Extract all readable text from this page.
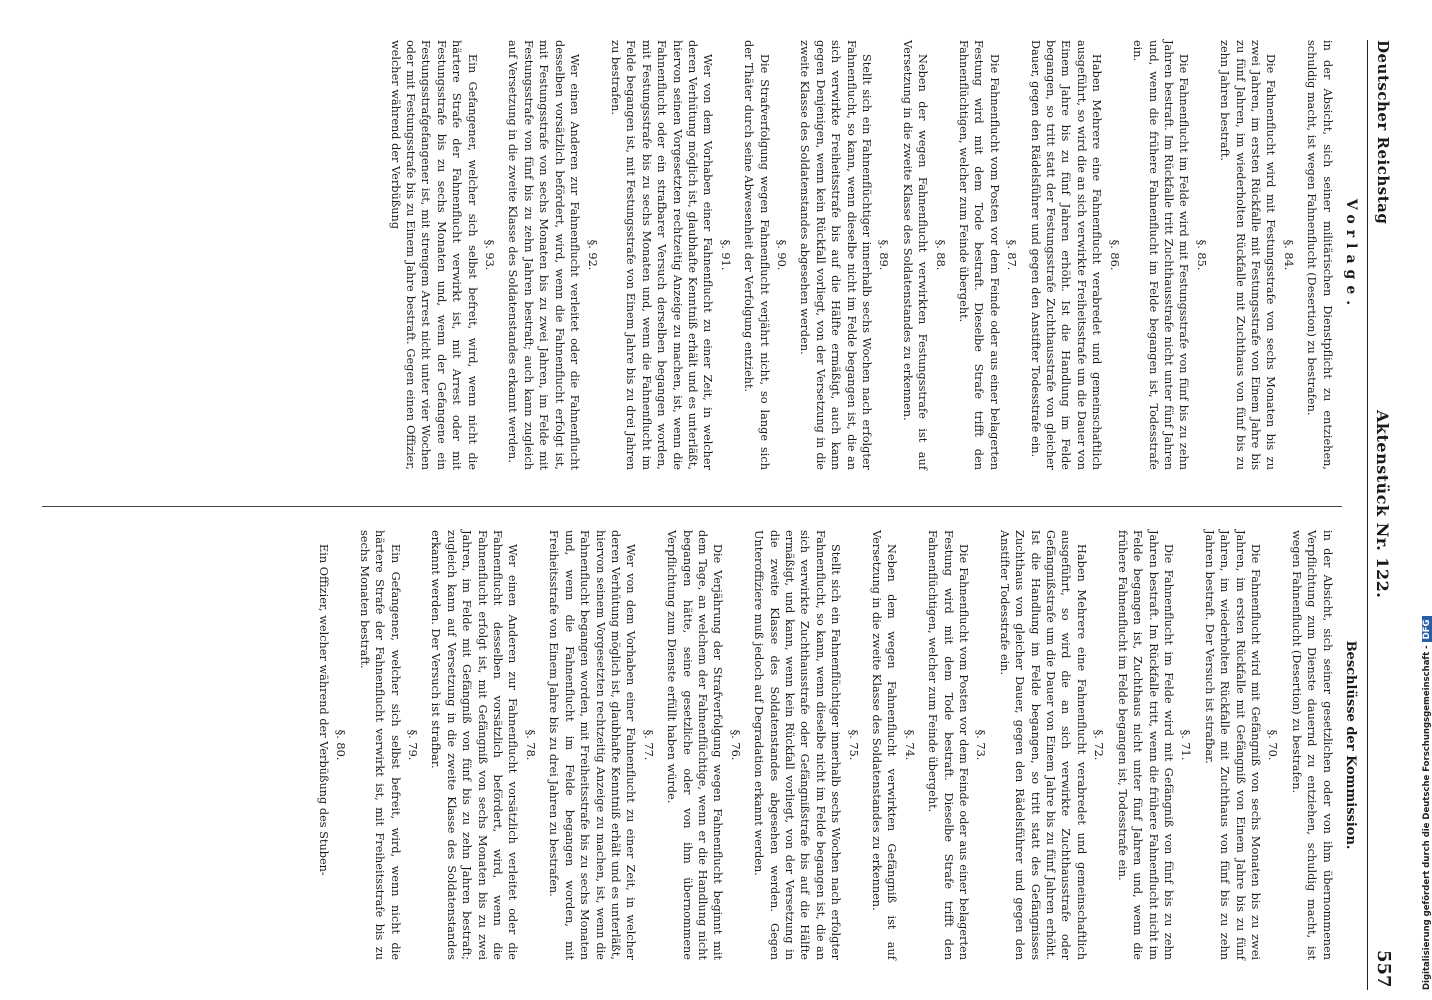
Deutscher Reichstag
Aktenstück Nr. 122.
557
Vorlage.

in der Absicht, sich seiner militärischen Dienstpflicht zu entziehen, schuldig macht, ist wegen Fahnenflucht (Desertion) zu bestrafen.

§. 84.

Die Fahnenflucht wird mit Festungsstrafe von sechs Monaten bis zu zwei Jahren, im ersten Rückfalle mit Festungsstrafe von Einem Jahre bis zu fünf Jahren, im wiederholten Rückfalle mit Zuchthaus von fünf bis zu zehn Jahren bestraft.

§. 85.

Die Fahnenflucht im Felde wird mit Festungsstrafe von fünf bis zu zehn Jahren bestraft. Im Rückfalle tritt Zuchthausstrafe nicht unter fünf Jahren und, wenn die frühere Fahnenflucht im Felde begangen ist, Todesstrafe ein.

§. 86.

Haben Mehrere eine Fahnenflucht verabredet und gemeinschaftlich ausgeführt, so wird die an sich verwirkte Freiheitsstrafe um die Dauer von Einem Jahre bis zu fünf Jahren erhöht. Ist die Handlung im Felde begangen, so tritt statt der Festungsstrafe Zuchthausstrafe von gleicher Dauer, gegen den Rädelsführer und gegen den Anstifter Todesstrafe ein.

§. 87.

Die Fahnenflucht vom Posten vor dem Feinde oder aus einer belagerten Festung wird mit dem Tode bestraft. Dieselbe Strafe trifft den Fahnenflüchtigen, welcher zum Feinde übergeht.

§. 88.

Neben der wegen Fahnenflucht verwirkten Festungsstrafe ist auf Versetzung in die zweite Klasse des Soldatenstandes zu erkennen.

§. 89.

Stellt sich ein Fahnenflüchtiger innerhalb sechs Wochen nach erfolgter Fahnenflucht, so kann, wenn dieselbe nicht im Felde begangen ist, die an sich verwirkte Freiheitsstrafe bis auf die Hälfte ermäßigt, auch kann gegen Denjenigen, wenn kein Rückfall vorliegt, von der Versetzung in die zweite Klasse des Soldatenstandes abgesehen werden.

§. 90.

Die Strafverfolgung wegen Fahnenflucht verjährt nicht, so lange sich der Thäter durch seine Abwesenheit der Verfolgung entzieht.

§. 91.

Wer von dem Vorhaben einer Fahnenflucht zu einer Zeit, in welcher deren Verhütung möglich ist, glaubhafte Kenntniß erhält und es unterläßt, hiervon seinen Vorgesetzten rechtzeitig Anzeige zu machen, ist, wenn die Fahnenflucht oder ein strafbarer Versuch derselben begangen worden, mit Festungsstrafe bis zu sechs Monaten und, wenn die Fahnenflucht im Felde begangen ist, mit Festungsstrafe von Einem Jahre bis zu drei Jahren zu bestrafen.

§. 92.

Wer einen Anderen zur Fahnenflucht verleitet oder die Fahnenflucht desselben vorsätzlich befördert, wird, wenn die Fahnenflucht erfolgt ist, mit Festungsstrafe von sechs Monaten bis zu zwei Jahren, im Felde mit Festungsstrafe von fünf bis zu zehn Jahren bestraft; auch kann zugleich auf Versetzung in die zweite Klasse des Soldatenstandes erkannt werden.

§. 93.

Ein Gefangener, welcher sich selbst befreit, wird, wenn nicht die härtere Strafe der Fahnenflucht verwirkt ist, mit Arrest oder mit Festungsstrafe bis zu sechs Monaten und, wenn der Gefangene ein Festungsstrafgefangener ist, mit strengem Arrest nicht unter vier Wochen oder mit Festungsstrafe bis zu Einem Jahre bestraft. Gegen einen Offizier, welcher während der Verbüßung

Beschlüsse der Kommission.

in der Absicht, sich seiner gesetzlichen oder von ihm übernommenen Verpflichtung zum Dienste dauernd zu entziehen, schuldig macht, ist wegen Fahnenflucht (Desertion) zu bestrafen.

§. 70.

Die Fahnenflucht wird mit Gefängniß von sechs Monaten bis zu zwei Jahren, im ersten Rückfalle mit Gefängniß von Einem Jahre bis zu fünf Jahren, im wiederholten Rückfalle mit Zuchthaus von fünf bis zu zehn Jahren bestraft. Der Versuch ist strafbar.

§. 71.

Die Fahnenflucht im Felde wird mit Gefängniß von fünf bis zu zehn Jahren bestraft. Im Rückfalle tritt, wenn die frühere Fahnenflucht nicht im Felde begangen ist, Zuchthaus nicht unter fünf Jahren und, wenn die frühere Fahnenflucht im Felde begangen ist, Todesstrafe ein.

§. 72.

Haben Mehrere eine Fahnenflucht verabredet und gemeinschaftlich ausgeführt, so wird die an sich verwirkte Zuchthausstrafe oder Gefängnißstrafe um die Dauer von Einem Jahre bis zu fünf Jahren erhöht. Ist die Handlung im Felde begangen, so tritt statt des Gefängnisses Zuchthaus von gleicher Dauer, gegen den Rädelsführer und gegen den Anstifter Todesstrafe ein.

§. 73.

Die Fahnenflucht vom Posten vor dem Feinde oder aus einer belagerten Festung wird mit dem Tode bestraft. Dieselbe Strafe trifft den Fahnenflüchtigen, welcher zum Feinde übergeht.

§. 74.

Neben dem wegen Fahnenflucht verwirkten Gefängniß ist auf Versetzung in die zweite Klasse des Soldatenstandes zu erkennen.

§. 75.

Stellt sich ein Fahnenflüchtiger innerhalb sechs Wochen nach erfolgter Fahnenflucht, so kann, wenn dieselbe nicht im Felde begangen ist, die an sich verwirkte Zuchthausstrafe oder Gefängnißstrafe bis auf die Hälfte ermäßigt, und kann, wenn kein Rückfall vorliegt, von der Versetzung in die zweite Klasse des Soldatenstandes abgesehen werden. Gegen Unteroffiziere muß jedoch auf Degradation erkannt werden.

§. 76.

Die Verjährung der Strafverfolgung wegen Fahnenflucht beginnt mit dem Tage, an welchem der Fahnenflüchtige, wenn er die Handlung nicht begangen hätte, seine gesetzliche oder von ihm übernommene Verpflichtung zum Dienste erfüllt haben würde.

§. 77.

Wer von dem Vorhaben einer Fahnenflucht zu einer Zeit, in welcher deren Verhütung möglich ist, glaubhafte Kenntniß erhält und es unterläßt, hiervon seinem Vorgesetzten rechtzeitig Anzeige zu machen, ist, wenn die Fahnenflucht begangen worden, mit Freiheitsstrafe bis zu sechs Monaten und, wenn die Fahnenflucht im Felde begangen worden, mit Freiheitsstrafe von Einem Jahre bis zu drei Jahren zu bestrafen.

§. 78.

Wer einen Anderen zur Fahnenflucht vorsätzlich verleitet oder die Fahnenflucht desselben vorsätzlich befördert, wird, wenn die Fahnenflucht erfolgt ist, mit Gefängniß von sechs Monaten bis zu zwei Jahren, im Felde mit Gefängniß von fünf bis zu zehn Jahren bestraft; zugleich kann auf Versetzung in die zweite Klasse des Soldatenstandes erkannt werden. Der Versuch ist strafbar.

§. 79.

Ein Gefangener, welcher sich selbst befreit, wird, wenn nicht die härtere Strafe der Fahnenflucht verwirkt ist, mit Freiheitsstrafe bis zu sechs Monaten bestraft.

§. 80.

Ein Offizier, welcher während der Verbüßung des Stuben-	Digitalisierung gefördert durch die Deutsche Forschungsgemeinschaft -DFG
